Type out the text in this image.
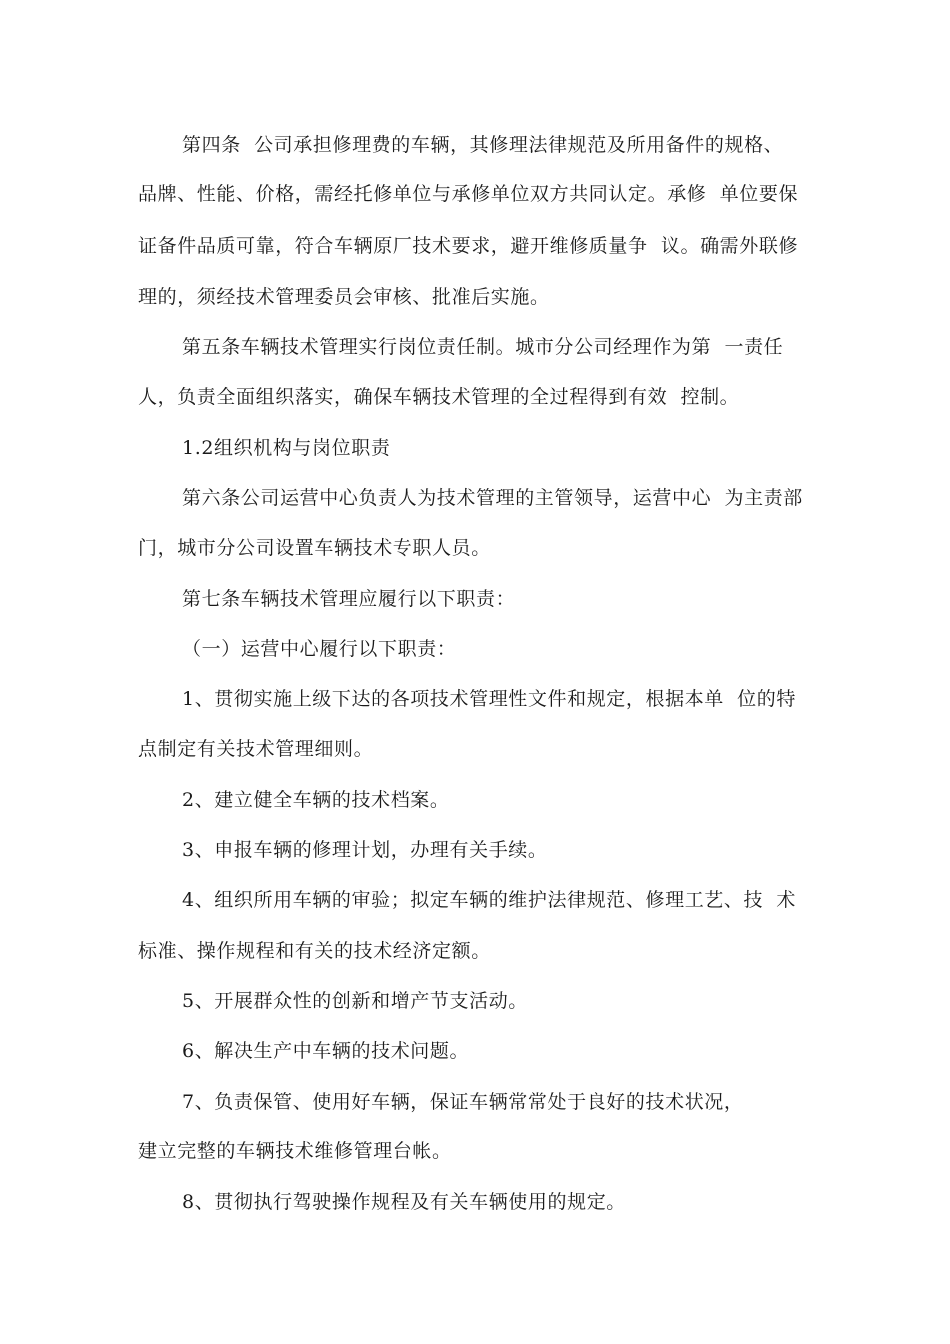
第四条  公司承担修理费的车辆，其修理法律规范及所用备件的规格、
品牌、性能、价格，需经托修单位与承修单位双方共同认定。承修  单位要保
证备件品质可靠，符合车辆原厂技术要求，避开维修质量争  议。确需外联修
理的，须经技术管理委员会审核、批准后实施。
第五条车辆技术管理实行岗位责任制。城市分公司经理作为第  一责任
人，负责全面组织落实，确保车辆技术管理的全过程得到有效  控制。
1.2组织机构与岗位职责
第六条公司运营中心负责人为技术管理的主管领导，运营中心  为主责部
门，城市分公司设置车辆技术专职人员。
第七条车辆技术管理应履行以下职责：
（一）运营中心履行以下职责：
1、贯彻实施上级下达的各项技术管理性文件和规定，根据本单  位的特
点制定有关技术管理细则。
2、建立健全车辆的技术档案。
3、申报车辆的修理计划，办理有关手续。
4、组织所用车辆的审验；拟定车辆的维护法律规范、修理工艺、技  术
标准、操作规程和有关的技术经济定额。
5、开展群众性的创新和增产节支活动。
6、解决生产中车辆的技术问题。
7、负责保管、使用好车辆，保证车辆常常处于良好的技术状况，
建立完整的车辆技术维修管理台帐。
8、贯彻执行驾驶操作规程及有关车辆使用的规定。
